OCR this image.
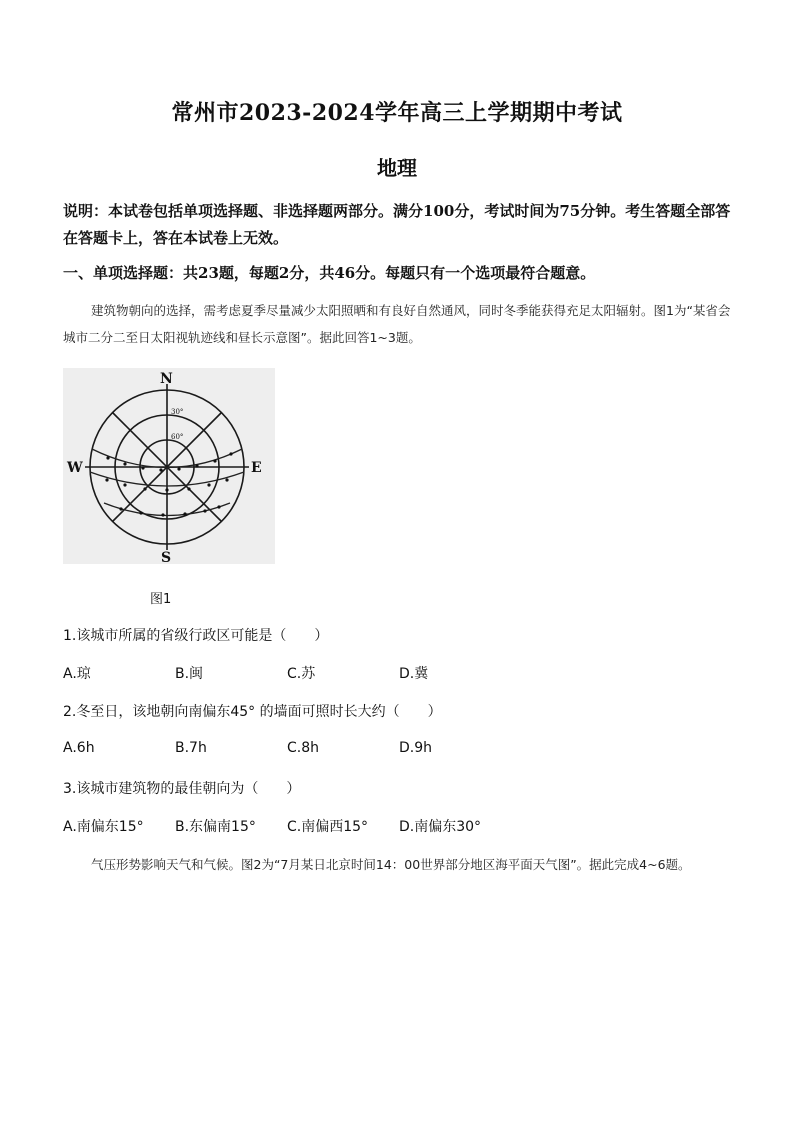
常州市2023-2024学年高三上学期期中考试
地理
说明：本试卷包括单项选择题、非选择题两部分。满分100分，考试时间为75分钟。考生答题全部答在答题卡上，答在本试卷上无效。
一、单项选择题：共23题，每题2分，共46分。每题只有一个选项最符合题意。
建筑物朝向的选择，需考虑夏季尽量减少太阳照晒和有良好自然通风，同时冬季能获得充足太阳辐射。图1为“某省会城市二分二至日太阳视轨迹线和昼长示意图”。据此回答1~3题。
N
S
W	E
30°
60°
图1
1.该城市所属的省级行政区可能是（　　）
A.琼	B.闽	C.苏	D.冀
2.冬至日，该地朝向南偏东45° 的墙面可照时长大约（　　）
A.6h	B.7h	C.8h	D.9h
3.该城市建筑物的最佳朝向为（　　）
A.南偏东15° B.东偏南15° C.南偏西15° D.南偏东30°
气压形势影响天气和气候。图2为“7月某日北京时间14：00世界部分地区海平面天气图”。据此完成4~6题。
